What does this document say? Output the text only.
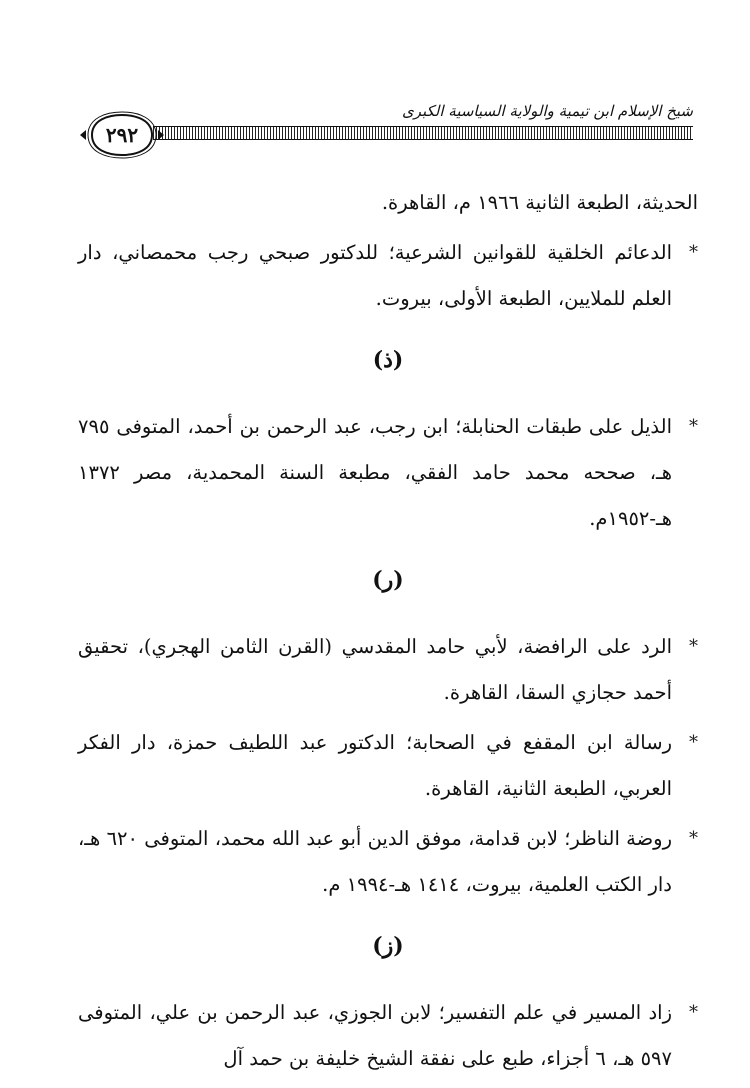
شيخ الإسلام ابن تيمية والولاية السياسية الكبرى
٢٩٢

الحديثة، الطبعة الثانية ١٩٦٦ م، القاهرة.

*
الدعائم الخلقية للقوانين الشرعية؛ للدكتور صبحي رجب محمصاني، دار العلم للملايين، الطبعة الأولى، بيروت.
(ذ)
*
الذيل على طبقات الحنابلة؛ ابن رجب، عبد الرحمن بن أحمد، المتوفى ٧٩٥ هـ، صححه محمد حامد الفقي، مطبعة السنة المحمدية، مصر ١٣٧٢ هـ-١٩٥٢م.
(ر)
*
الرد على الرافضة، لأبي حامد المقدسي (القرن الثامن الهجري)، تحقيق أحمد حجازي السقا، القاهرة.
*
رسالة ابن المقفع في الصحابة؛ الدكتور عبد اللطيف حمزة، دار الفكر العربي، الطبعة الثانية، القاهرة.
*
روضة الناظر؛ لابن قدامة، موفق الدين أبو عبد الله محمد، المتوفى ٦٢٠ هـ، دار الكتب العلمية، بيروت، ١٤١٤ هـ-١٩٩٤ م.
(ز)
*
زاد المسير في علم التفسير؛ لابن الجوزي، عبد الرحمن بن علي، المتوفى ٥٩٧ هـ، ٦ أجزاء، طبع على نفقة الشيخ خليفة بن حمد آل
